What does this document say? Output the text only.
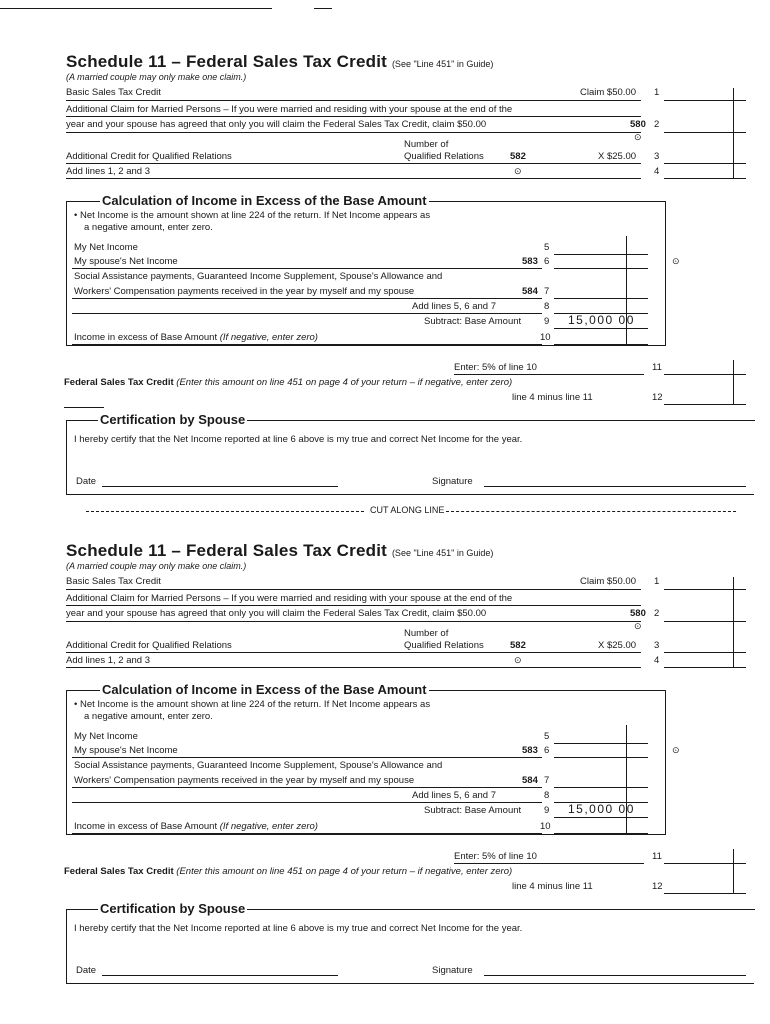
Schedule 11 – Federal Sales Tax Credit (See "Line 451" in Guide)
(A married couple may only make one claim.)
Basic Sales Tax Credit	Claim $50.00 1
Additional Claim for Married Persons – If you were married and residing with your spouse at the end of the
year and your spouse has agreed that only you will claim the Federal Sales Tax Credit, claim $50.00	580 2
⊙
Number of
Additional Credit for Qualified Relations	Qualified Relations	582	X $25.00 3
Add lines 1, 2 and 3	⊙	4
Calculation of Income in Excess of the Base Amount
• Net Income is the amount shown at line 224 of the return. If Net Income appears as
a negative amount, enter zero.
My Net Income	5
My spouse's Net Income	583 6	⊙
Social Assistance payments, Guaranteed Income Supplement, Spouse's Allowance and
Workers' Compensation payments received in the year by myself and my spouse	584 7
Add lines 5, 6 and 7	8
Subtract: Base Amount 9 15,000 00
Income in excess of Base Amount (If negative, enter zero)	10
Enter: 5% of line 10	11
Federal Sales Tax Credit (Enter this amount on line 451 on page 4 of your return – if negative, enter zero)
line 4 minus line 11	12
Certification by Spouse
I hereby certify that the Net Income reported at line 6 above is my true and correct Net Income for the year.
Date	Signature
CUT ALONG LINE
Schedule 11 – Federal Sales Tax Credit (See "Line 451" in Guide)
(A married couple may only make one claim.)
Basic Sales Tax Credit	Claim $50.00 1
Additional Claim for Married Persons – If you were married and residing with your spouse at the end of the
year and your spouse has agreed that only you will claim the Federal Sales Tax Credit, claim $50.00	580 2
⊙
Number of
Additional Credit for Qualified Relations	Qualified Relations	582	X $25.00 3
Add lines 1, 2 and 3	⊙	4
Calculation of Income in Excess of the Base Amount
• Net Income is the amount shown at line 224 of the return. If Net Income appears as
a negative amount, enter zero.
My Net Income	5
My spouse's Net Income	583 6	⊙
Social Assistance payments, Guaranteed Income Supplement, Spouse's Allowance and
Workers' Compensation payments received in the year by myself and my spouse	584 7
Add lines 5, 6 and 7	8
Subtract: Base Amount 9 15,000 00
Income in excess of Base Amount (If negative, enter zero)	10
Enter: 5% of line 10	11
Federal Sales Tax Credit (Enter this amount on line 451 on page 4 of your return – if negative, enter zero)
line 4 minus line 11	12
Certification by Spouse
I hereby certify that the Net Income reported at line 6 above is my true and correct Net Income for the year.
Date	Signature
